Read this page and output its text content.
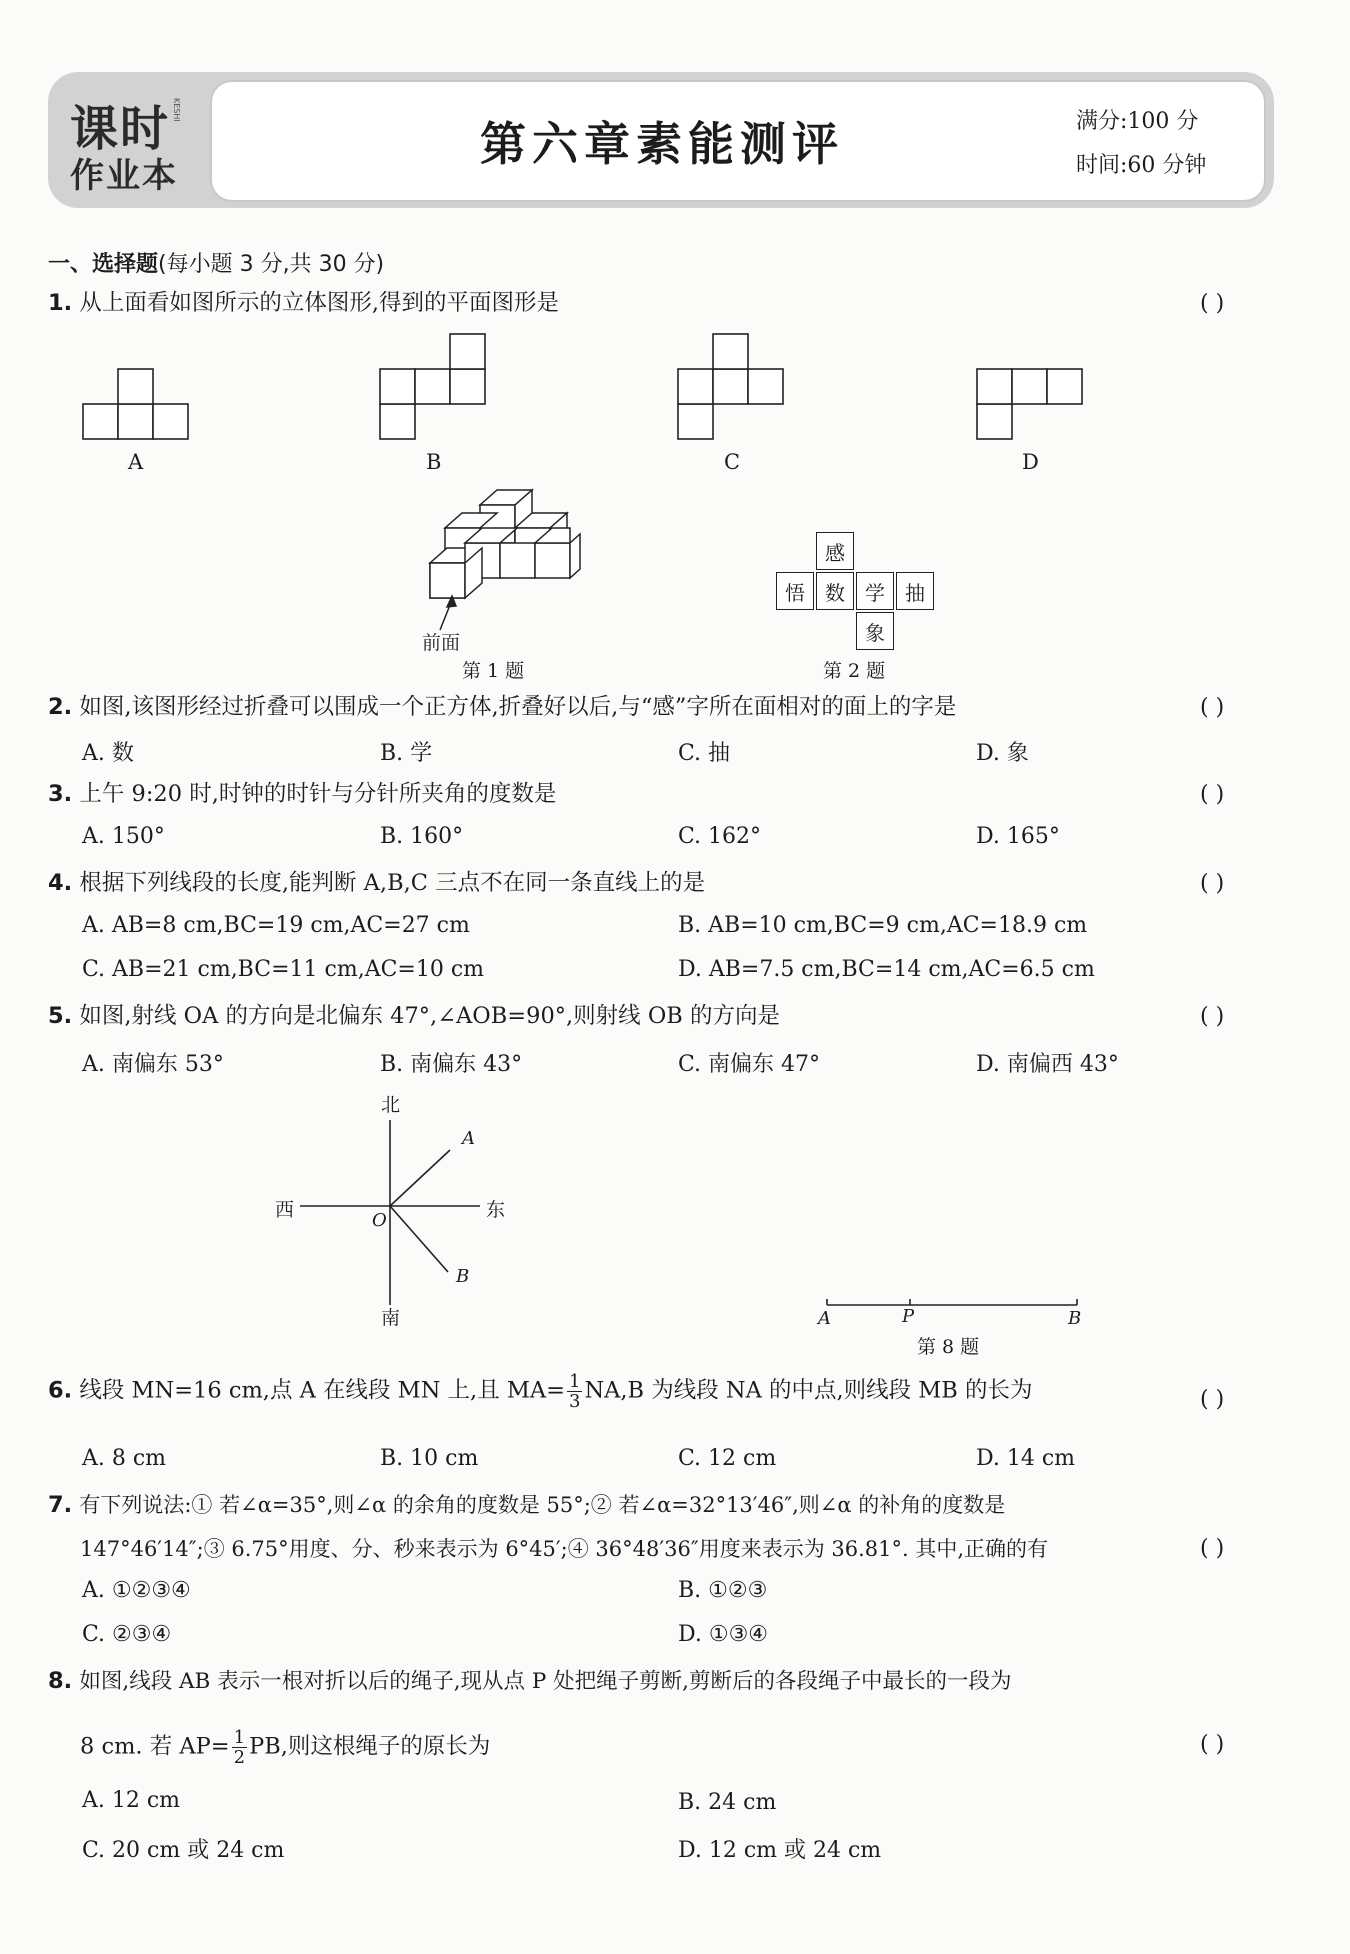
课时
作业本
KESHI
第六章素能测评	满分:100 分
时间:60 分钟
一、选择题(每小题 3 分,共 30 分)
1. 从上面看如图所示的立体图形,得到的平面图形是	( )
A	B	C	D
前面
第 1 题
感
悟	数	学	抽
象
第 2 题
2. 如图,该图形经过折叠可以围成一个正方体,折叠好以后,与“感”字所在面相对的面上的字是	( )
A. 数	B. 学	C. 抽	D. 象
3. 上午 9:20 时,时钟的时针与分针所夹角的度数是	( )
A. 150°	B. 160°	C. 162°	D. 165°
4. 根据下列线段的长度,能判断 A,B,C 三点不在同一条直线上的是	( )
A. AB=8 cm,BC=19 cm,AC=27 cm	B. AB=10 cm,BC=9 cm,AC=18.9 cm
C. AB=21 cm,BC=11 cm,AC=10 cm	D. AB=7.5 cm,BC=14 cm,AC=6.5 cm
5. 如图,射线 OA 的方向是北偏东 47°,∠AOB=90°,则射线 OB 的方向是	( )
A. 南偏东 53°	B. 南偏东 43°	C. 南偏东 47°	D. 南偏西 43°
北
南
西	东
O
A
B
A	P	B
第 8 题
6. 线段 MN=16 cm,点 A 在线段 MN 上,且 $MA= \frac{1}{3} NA,B$ 为线段 NA 的中点,则线段 MB 的长为	( )
A. 8 cm	B. 10 cm	C. 12 cm	D. 14 cm
7. 有下列说法:① 若∠α=35°,则∠α 的余角的度数是 55°;② 若∠α=32°13′46″,则∠α 的补角的度数是
147°46′14″;③ 6.75°用度、分、秒来表示为 6°45′;④ 36°48′36″用度来表示为 36.81°. 其中,正确的有	( )
A. ①②③④	B. ①②③
C. ②③④	D. ①③④
8. 如图,线段 AB 表示一根对折以后的绳子,现从点 P 处把绳子剪断,剪断后的各段绳子中最长的一段为
8 cm. 若 $AP= \frac{1}{2}$ PB,则这根绳子的原长为	( )
A. 12 cm	B. 24 cm
C. 20 cm 或 24 cm	D. 12 cm 或 24 cm
